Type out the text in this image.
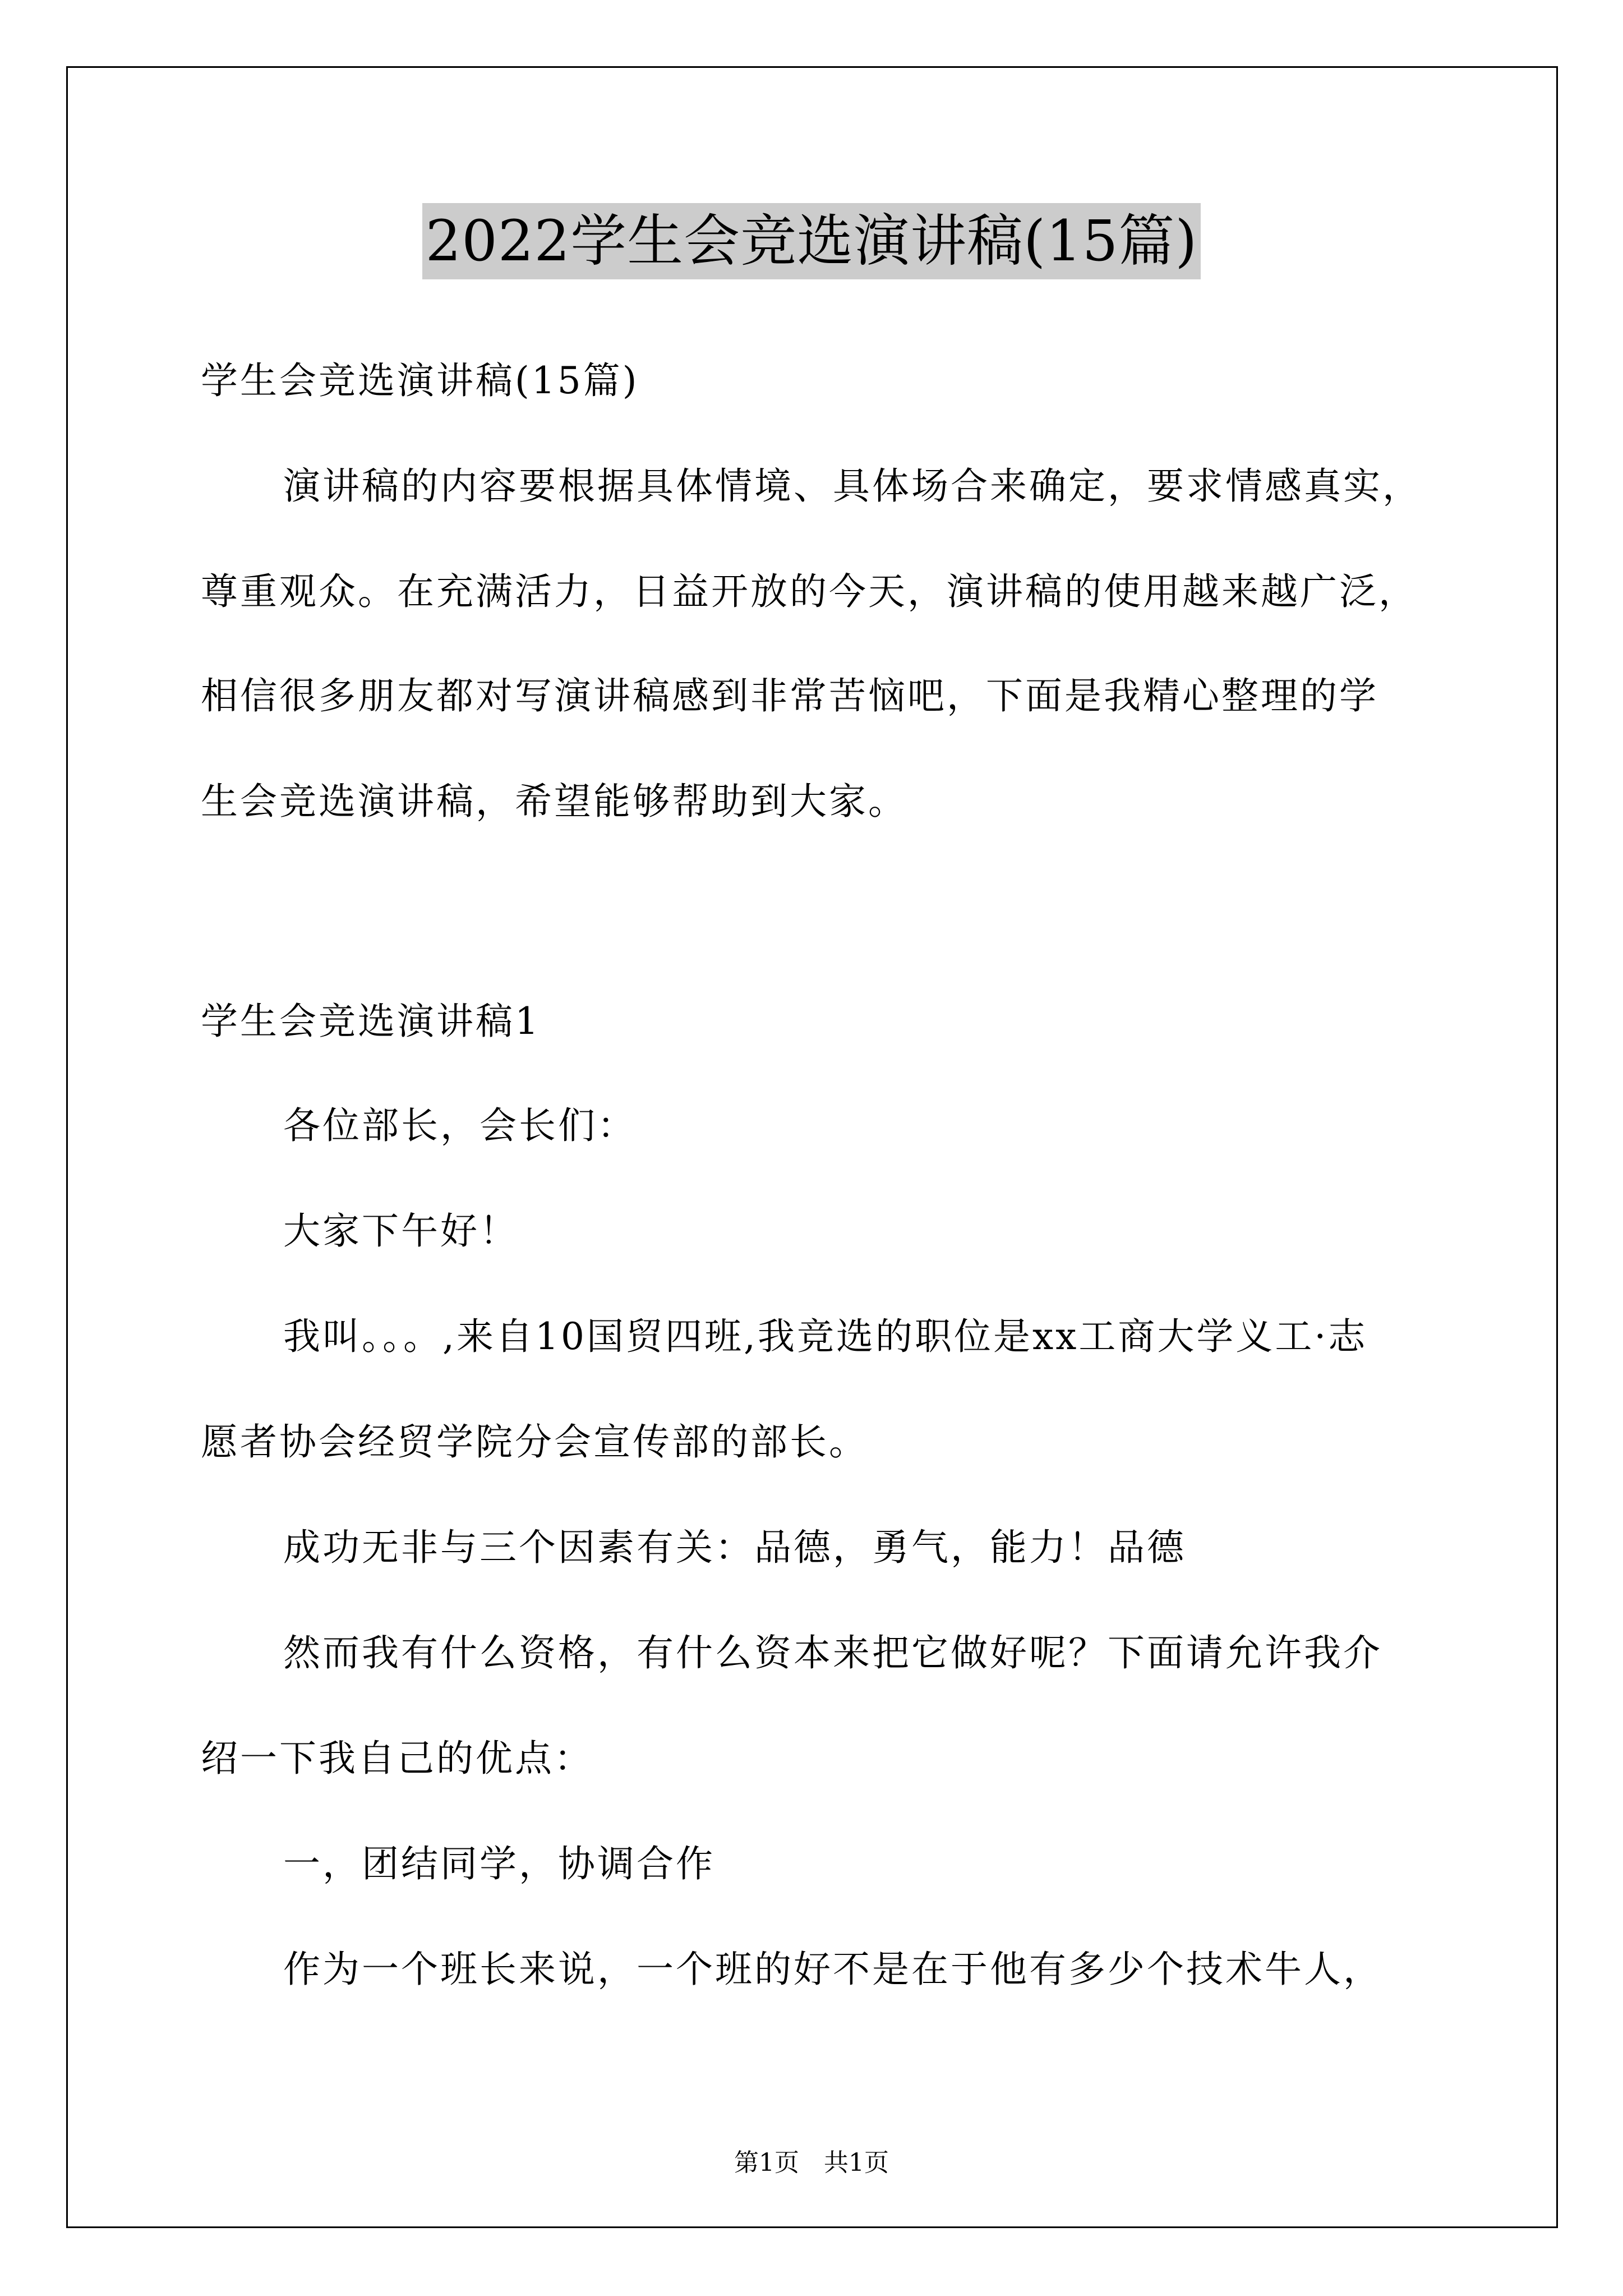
2022学生会竞选演讲稿(15篇)
学生会竞选演讲稿(15篇)
演讲稿的内容要根据具体情境、具体场合来确定，要求情感真实，
尊重观众。在充满活力，日益开放的今天，演讲稿的使用越来越广泛，
相信很多朋友都对写演讲稿感到非常苦恼吧，下面是我精心整理的学
生会竞选演讲稿，希望能够帮助到大家。
学生会竞选演讲稿1
各位部长，会长们：
大家下午好！
我叫。。。,来自10国贸四班,我竞选的职位是xx工商大学义工·志
愿者协会经贸学院分会宣传部的部长。
成功无非与三个因素有关：品德，勇气，能力！品德
然而我有什么资格，有什么资本来把它做好呢？下面请允许我介
绍一下我自己的优点：
一，团结同学，协调合作
作为一个班长来说，一个班的好不是在于他有多少个技术牛人，
第1页　共1页
